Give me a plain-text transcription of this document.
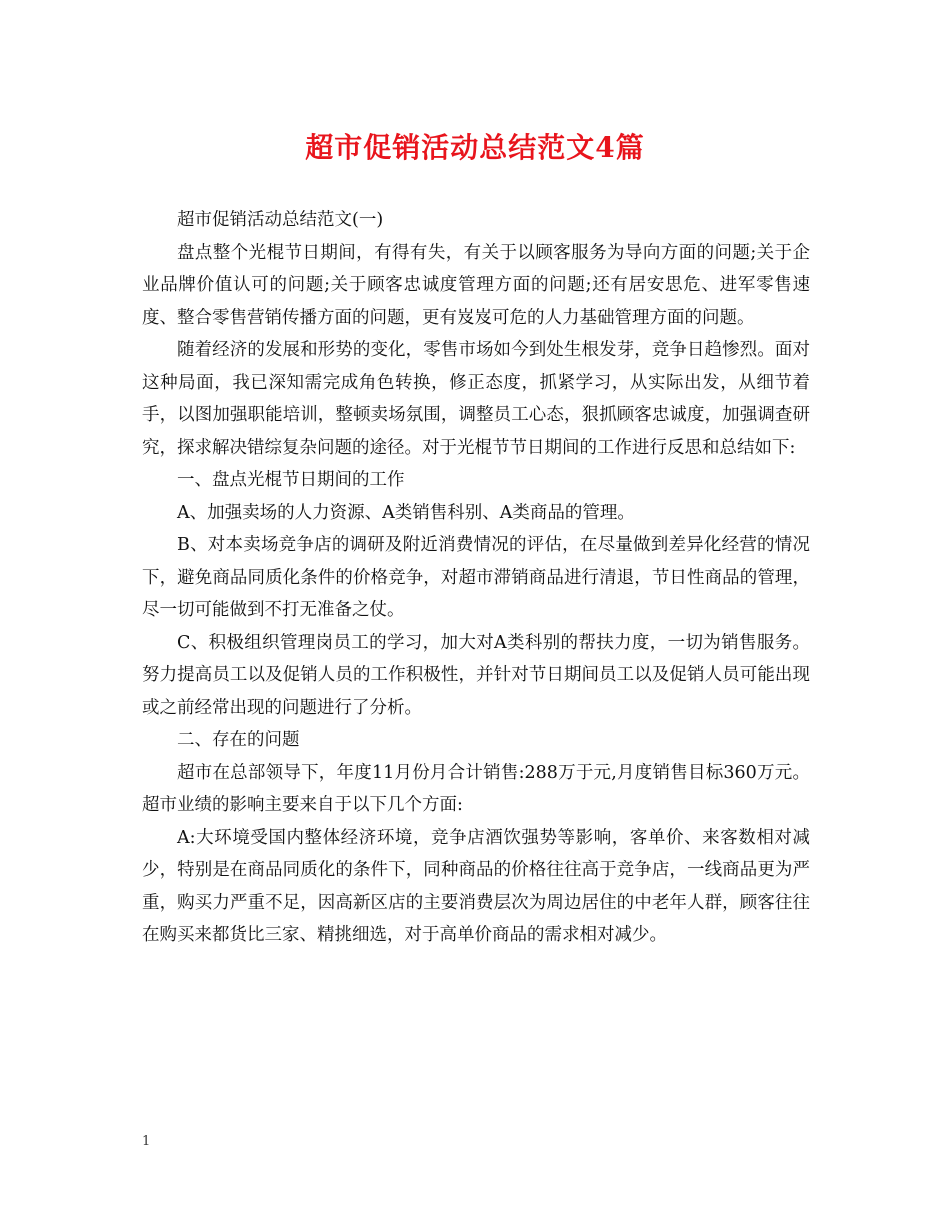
超市促销活动总结范文4篇

超市促销活动总结范文(一)

盘点整个光棍节日期间，有得有失，有关于以顾客服务为导向方面的问题;关于企业品牌价值认可的问题;关于顾客忠诚度管理方面的问题;还有居安思危、进军零售速度、整合零售营销传播方面的问题，更有岌岌可危的人力基础管理方面的问题。

随着经济的发展和形势的变化，零售市场如今到处生根发芽，竞争日趋惨烈。面对这种局面，我已深知需完成角色转换，修正态度，抓紧学习，从实际出发，从细节着手，以图加强职能培训，整顿卖场氛围，调整员工心态，狠抓顾客忠诚度，加强调查研究，探求解决错综复杂问题的途径。对于光棍节节日期间的工作进行反思和总结如下:

一、盘点光棍节日期间的工作

A、加强卖场的人力资源、A类销售科别、A类商品的管理。

B、对本卖场竞争店的调研及附近消费情况的评估，在尽量做到差异化经营的情况下，避免商品同质化条件的价格竞争，对超市滞销商品进行清退，节日性商品的管理，尽一切可能做到不打无准备之仗。

C、积极组织管理岗员工的学习，加大对A类科别的帮扶力度，一切为销售服务。努力提高员工以及促销人员的工作积极性，并针对节日期间员工以及促销人员可能出现或之前经常出现的问题进行了分析。

二、存在的问题

超市在总部领导下，年度11月份月合计销售:288万于元,月度销售目标360万元。超市业绩的影响主要来自于以下几个方面:

A:大环境受国内整体经济环境，竞争店酒饮强势等影响，客单价、来客数相对减少，特别是在商品同质化的条件下，同种商品的价格往往高于竞争店，一线商品更为严重，购买力严重不足，因高新区店的主要消费层次为周边居住的中老年人群，顾客往往在购买来都货比三家、精挑细选，对于高单价商品的需求相对减少。

1
